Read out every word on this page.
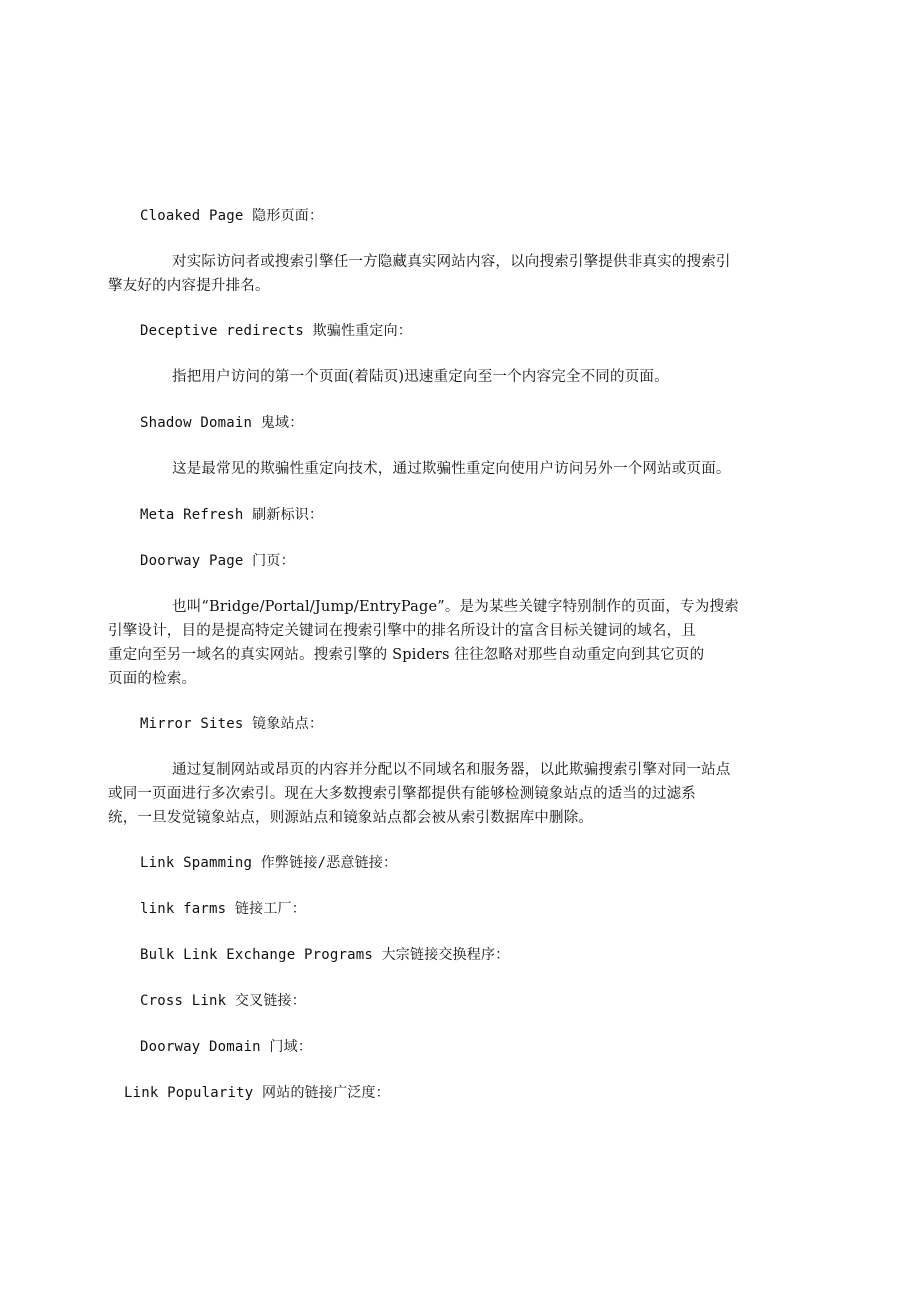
Cloaked Page 隐形页面：

对实际访问者或搜索引擎任一方隐藏真实网站内容，以向搜索引擎提供非真实的搜索引
擎友好的内容提升排名。

Deceptive redirects 欺骗性重定向：

指把用户访问的第一个页面(着陆页)迅速重定向至一个内容完全不同的页面。

Shadow Domain 鬼域：

这是最常见的欺骗性重定向技术，通过欺骗性重定向使用户访问另外一个网站或页面。

Meta Refresh 刷新标识：

Doorway Page 门页：

也叫“Bridge/Portal/Jump/EntryPage”。是为某些关键字特别制作的页面，专为搜索
引擎设计，目的是提高特定关键词在搜索引擎中的排名所设计的富含目标关键词的域名，且
重定向至另一域名的真实网站。搜索引擎的 Spiders 往往忽略对那些自动重定向到其它页的
页面的检索。

Mirror Sites 镜象站点：

通过复制网站或昂页的内容并分配以不同域名和服务器，以此欺骗搜索引擎对同一站点
或同一页面进行多次索引。现在大多数搜索引擎都提供有能够检测镜象站点的适当的过滤系
统，一旦发觉镜象站点，则源站点和镜象站点都会被从索引数据库中删除。

Link Spamming 作弊链接/恶意链接：

link farms 链接工厂：

Bulk Link Exchange Programs 大宗链接交换程序：

Cross Link 交叉链接：

Doorway Domain 门域：

Link Popularity 网站的链接广泛度：
